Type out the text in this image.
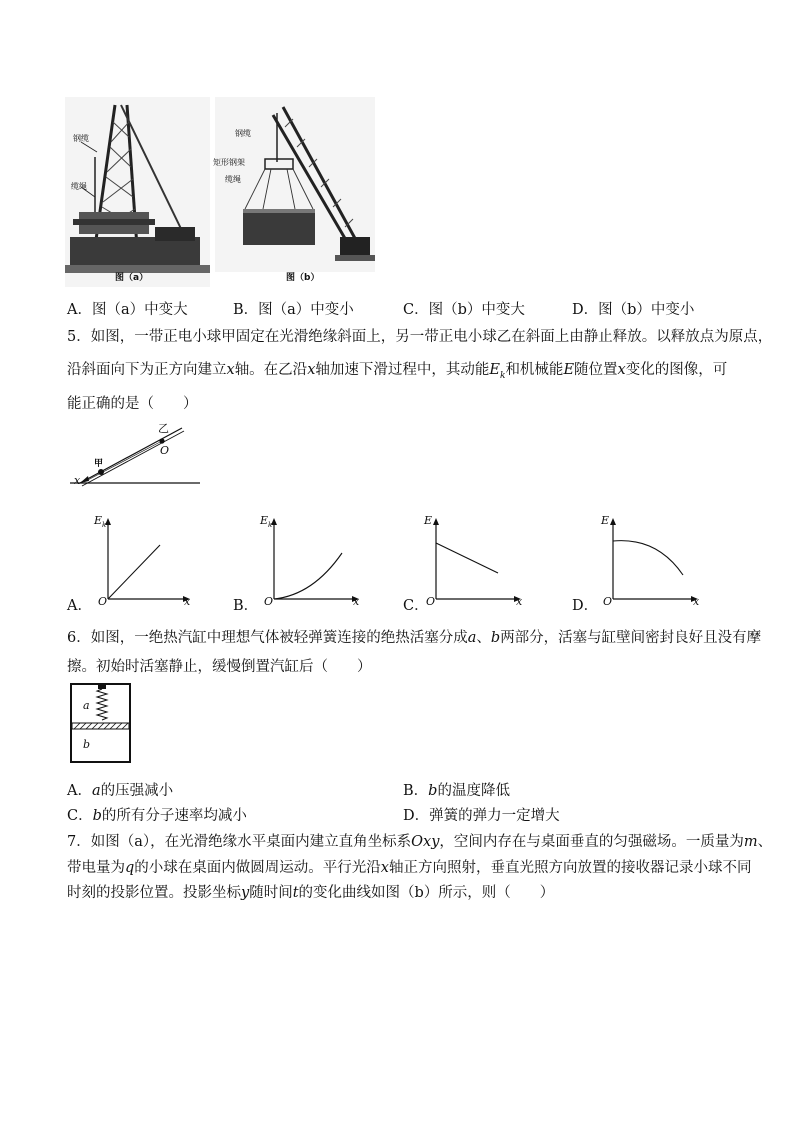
钢缆
缆绳
图（a）
钢缆
矩形钢架
缆绳
图（b）
A．图（a）中变大	B．图（a）中变小	C．图（b）中变大	D．图（b）中变小
5．如图，一带正电小球甲固定在光滑绝缘斜面上，另一带正电小球乙在斜面上由静止释放。以释放点为原点，
沿斜面向下为正方向建立x轴。在乙沿x轴加速下滑过程中，其动能$E_k$和机械能E随位置x变化的图像，可
能正确的是（　　）
甲
乙
O
x
A．
$E_k$
O	x	B．
$E_k$
O	x	C．
E
O	x	D．
E
O	x
6．如图，一绝热汽缸中理想气体被轻弹簧连接的绝热活塞分成a、b两部分，活塞与缸壁间密封良好且没有摩
擦。初始时活塞静止，缓慢倒置汽缸后（　　）
a
b
A．a的压强减小	B．b的温度降低
C．b的所有分子速率均减小	D．弹簧的弹力一定增大
7．如图（a），在光滑绝缘水平桌面内建立直角坐标系Oxy，空间内存在与桌面垂直的匀强磁场。一质量为m、
带电量为q的小球在桌面内做圆周运动。平行光沿x轴正方向照射，垂直光照方向放置的接收器记录小球不同
时刻的投影位置。投影坐标y随时间t的变化曲线如图（b）所示，则（　　）
